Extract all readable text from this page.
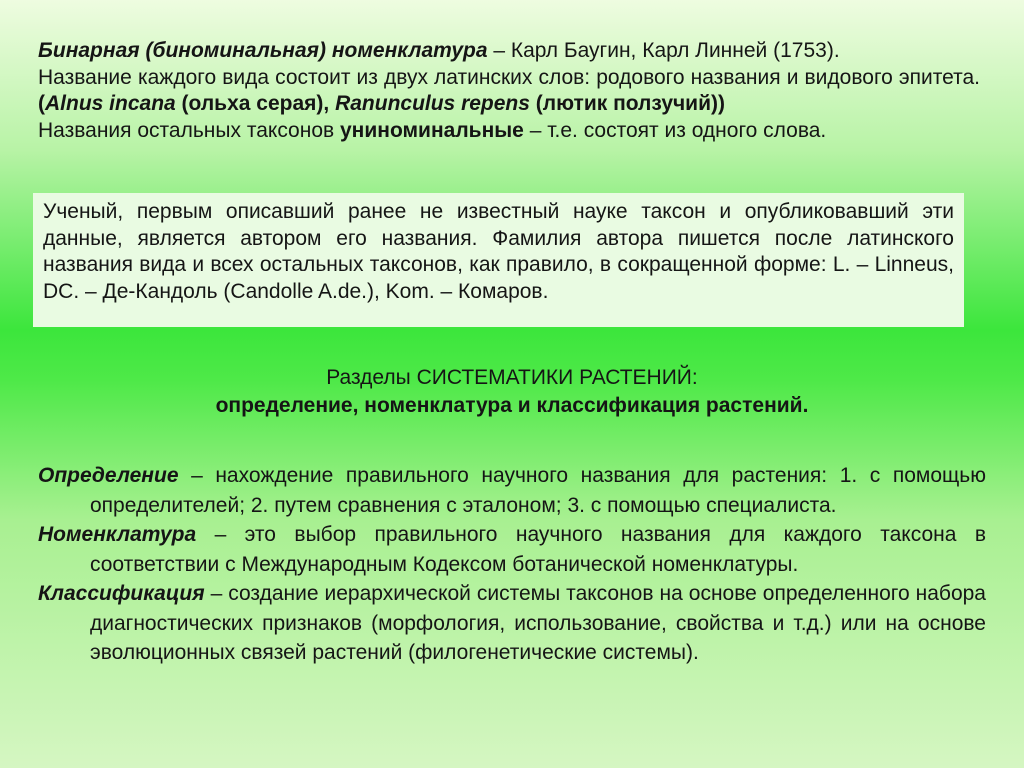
Бинарная (биноминальная) номенклатура – Карл Баугин, Карл Линней (1753).
Название каждого вида состоит из двух латинских слов: родового названия и видового эпитета. (Alnus incana (ольха серая), Ranunculus repens (лютик ползучий))
Названия остальных таксонов униноминальные – т.е. состоят из одного слова.
Ученый, первым описавший ранее не известный науке таксон и опубликовавший эти данные, является автором его названия. Фамилия автора пишется после латинского названия вида и всех остальных таксонов, как правило, в сокращенной форме: L. – Linneus, DC. – Де-Кандоль (Candolle A.de.), Kom. – Комаров.
Разделы СИСТЕМАТИКИ РАСТЕНИЙ:
определение, номенклатура и классификация растений.
Определение – нахождение правильного научного названия для растения: 1. с помощью определителей; 2. путем сравнения с эталоном; 3. с помощью специалиста.
Номенклатура – это выбор правильного научного названия для каждого таксона в соответствии с Международным Кодексом ботанической номенклатуры.
Классификация – создание иерархической системы таксонов на основе определенного набора диагностических признаков (морфология, использование, свойства и т.д.) или на основе эволюционных связей растений (филогенетические системы).
